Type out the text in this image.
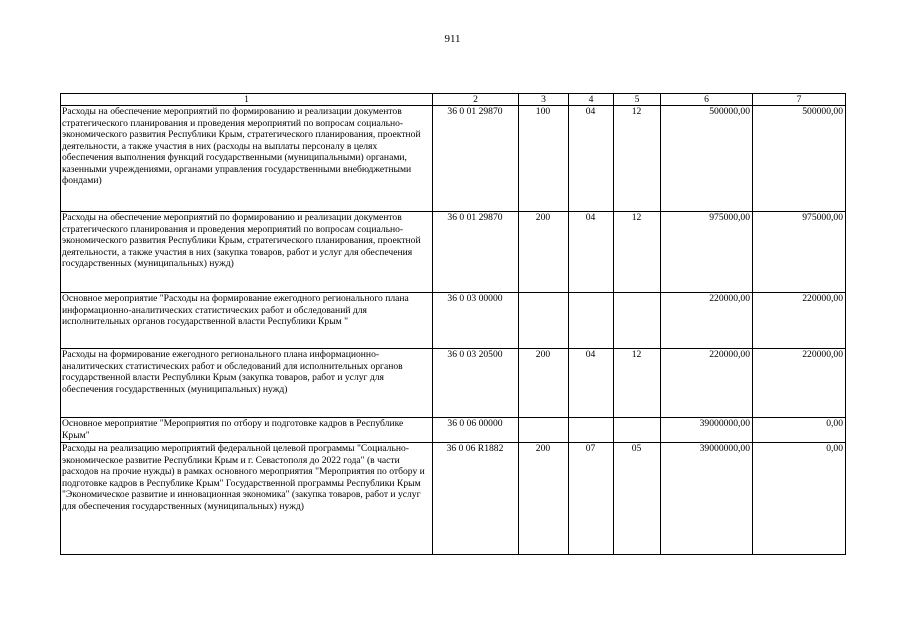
911
1	2	3	4	5	6	7
Расходы на обеспечение мероприятий по формированию и реализации документов стратегического планирования и проведения мероприятий по вопросам социально-экономического развития Республики Крым, стратегического планирования, проектной деятельности, а также участия в них (расходы на выплаты персоналу в целях обеспечения выполнения функций государственными (муниципальными) органами, казенными учреждениями, органами управления государственными внебюджетными фондами)	36 0 01 29870	100	04	12	500000,00	500000,00
Расходы на обеспечение мероприятий по формированию и реализации документов стратегического планирования и проведения мероприятий по вопросам социально-экономического развития Республики Крым, стратегического планирования, проектной деятельности, а также участия в них (закупка товаров, работ и услуг для обеспечения государственных (муниципальных) нужд)	36 0 01 29870	200	04	12	975000,00	975000,00
Основное мероприятие "Расходы на формирование ежегодного регионального плана информационно-аналитических статистических работ и обследований для исполнительных органов государственной власти Республики Крым "	36 0 03 00000				220000,00	220000,00
Расходы на формирование ежегодного регионального плана информационно-аналитических статистических работ и обследований для исполнительных органов государственной власти Республики Крым (закупка товаров, работ и услуг для обеспечения государственных (муниципальных) нужд)	36 0 03 20500	200	04	12	220000,00	220000,00
Основное мероприятие "Мероприятия по отбору и подготовке кадров в Республике Крым"	36 0 06 00000				39000000,00	0,00
Расходы на реализацию мероприятий федеральной целевой программы "Социально-экономическое развитие Республики Крым и г. Севастополя до 2022 года" (в части расходов на прочие нужды) в рамках основного мероприятия "Мероприятия по отбору и подготовке кадров в Республике Крым" Государственной программы Республики Крым "Экономическое развитие и инновационная экономика" (закупка товаров, работ и услуг для обеспечения государственных (муниципальных) нужд)	36 0 06 R1882	200	07	05	39000000,00	0,00
